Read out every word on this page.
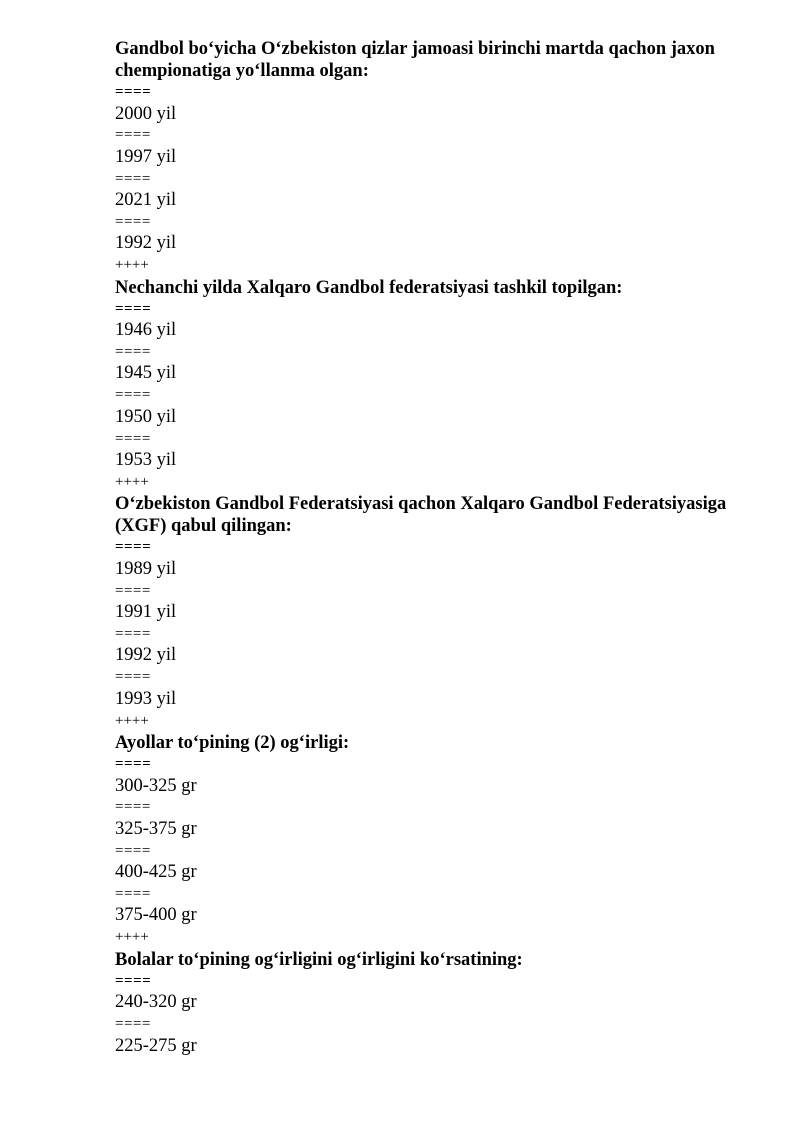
Gandbol bo‘yicha O‘zbekiston qizlar jamoasi birinchi martda qachon jaxon chempionatiga yo‘llanma olgan:
====
2000 yil
====
1997 yil
====
2021 yil
====
1992 yil
++++
Nechanchi yilda Xalqaro Gandbol federatsiyasi tashkil topilgan:
====
1946 yil
====
1945 yil
====
1950 yil
====
1953 yil
++++
O‘zbekiston Gandbol Federatsiyasi qachon Xalqaro Gandbol Federatsiyasiga (XGF) qabul qilingan:
====
1989 yil
====
1991 yil
====
1992 yil
====
1993 yil
++++
Ayollar to‘pining (2) og‘irligi:
====
300-325 gr
====
325-375 gr
====
400-425 gr
====
375-400 gr
++++
Bolalar to‘pining og‘irligini og‘irligini ko‘rsatining:
====
240-320 gr
====
225-275 gr
